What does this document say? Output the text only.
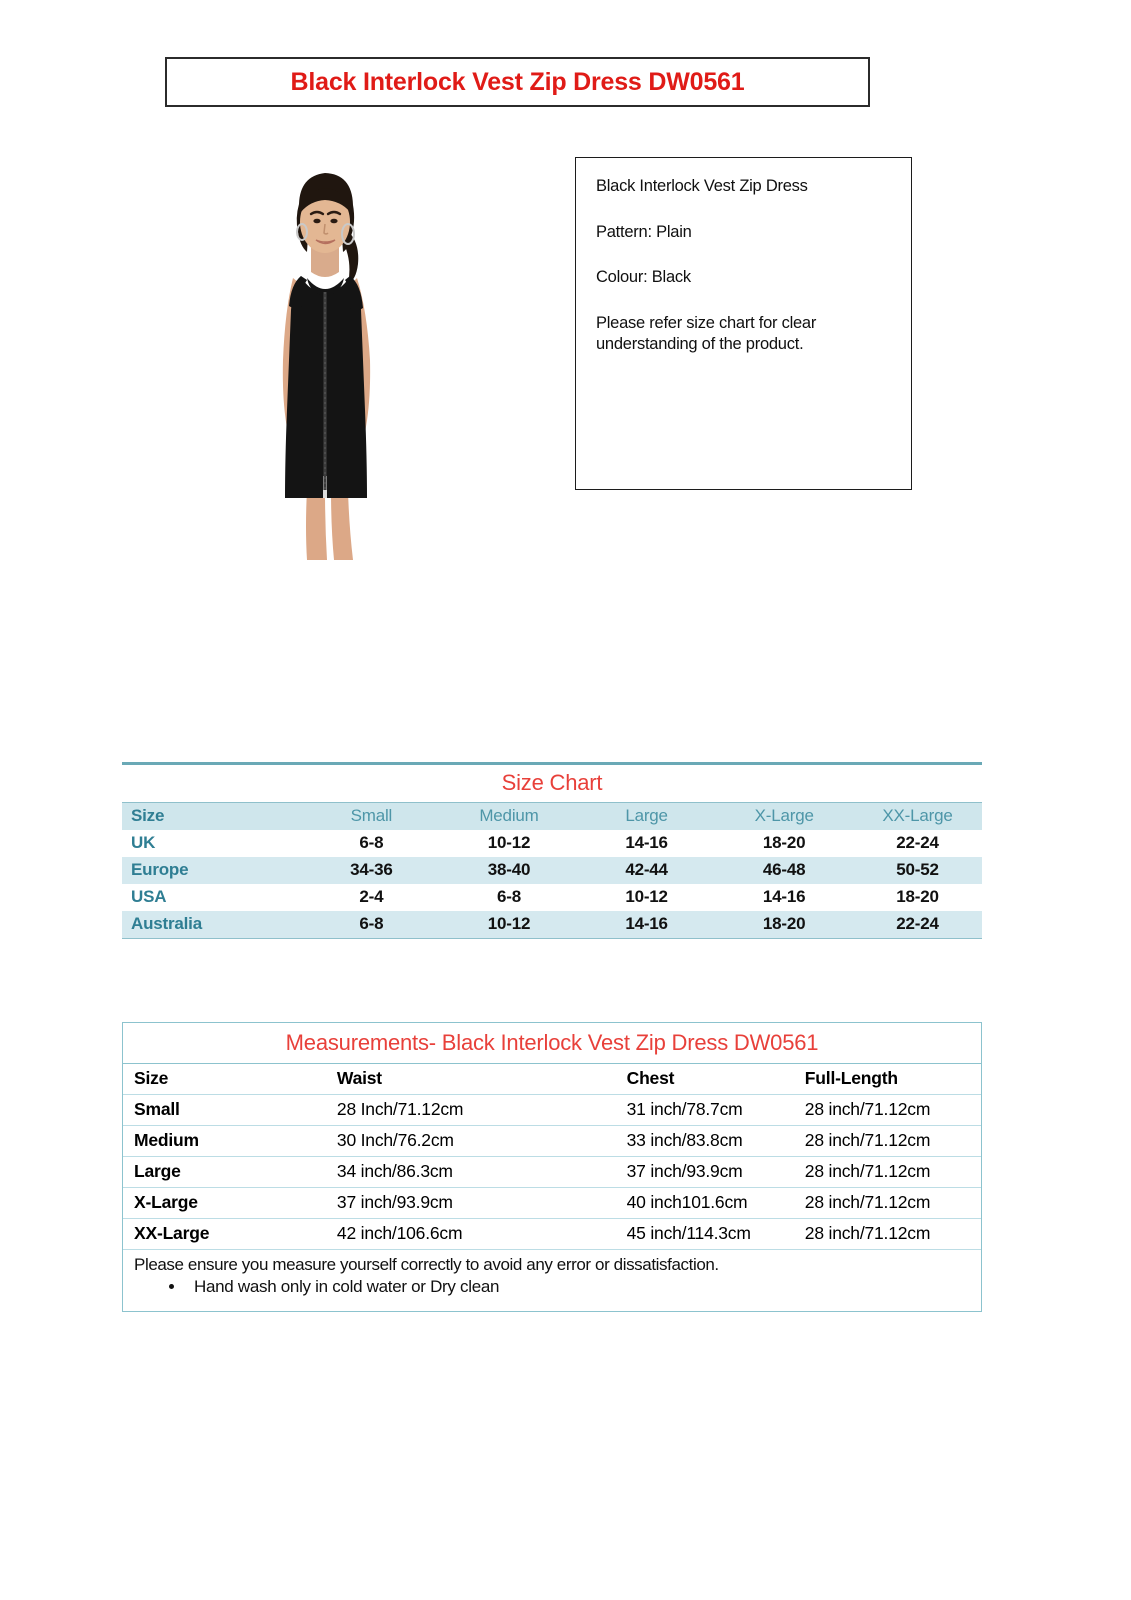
Black Interlock Vest Zip Dress DW0561
Black Interlock Vest Zip Dress
Pattern: Plain
Colour: Black
Please refer size chart for clear
understanding of the product.
Size Chart
Size	Small	Medium	Large	X-Large	XX-Large
UK	6-8	10-12	14-16	18-20	22-24
Europe	34-36	38-40	42-44	46-48	50-52
USA	2-4	6-8	10-12	14-16	18-20
Australia	6-8	10-12	14-16	18-20	22-24
Measurements- Black Interlock Vest Zip Dress DW0561
Size	Waist	Chest	Full-Length
Small	28 Inch/71.12cm	31 inch/78.7cm	28 inch/71.12cm
Medium	30 Inch/76.2cm	33 inch/83.8cm	28 inch/71.12cm
Large	34 inch/86.3cm	37 inch/93.9cm	28 inch/71.12cm
X-Large	37 inch/93.9cm	40 inch101.6cm	28 inch/71.12cm
XX-Large	42 inch/106.6cm	45 inch/114.3cm	28 inch/71.12cm
Please ensure you measure yourself correctly to avoid any error or dissatisfaction.
• Hand wash only in cold water or Dry clean
